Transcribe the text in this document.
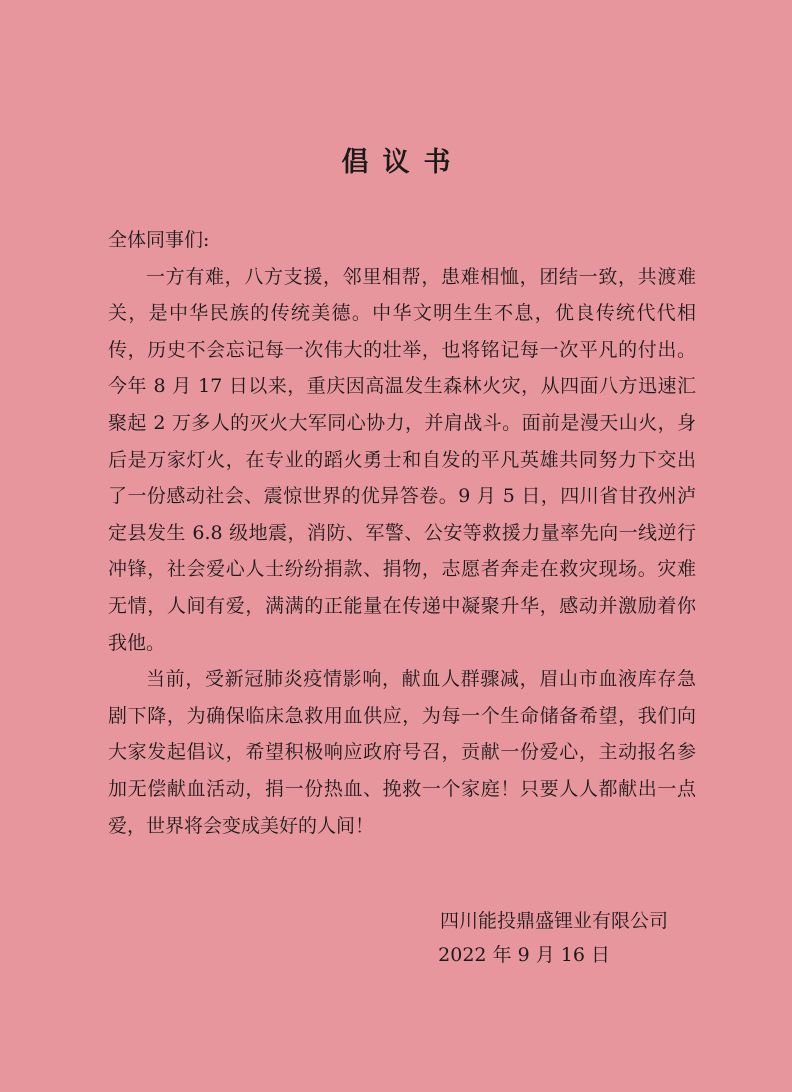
倡议书

全体同事们:

一方有难，八方支援，邻里相帮，患难相恤，团结一致，共渡难关，是中华民族的传统美德。中华文明生生不息，优良传统代代相传，历史不会忘记每一次伟大的壮举，也将铭记每一次平凡的付出。今年 8 月 17 日以来，重庆因高温发生森林火灾，从四面八方迅速汇聚起 2 万多人的灭火大军同心协力，并肩战斗。面前是漫天山火，身后是万家灯火，在专业的蹈火勇士和自发的平凡英雄共同努力下交出了一份感动社会、震惊世界的优异答卷。9 月 5 日，四川省甘孜州泸定县发生 6.8 级地震，消防、军警、公安等救援力量率先向一线逆行冲锋，社会爱心人士纷纷捐款、捐物，志愿者奔走在救灾现场。灾难无情，人间有爱，满满的正能量在传递中凝聚升华，感动并激励着你我他。

当前，受新冠肺炎疫情影响，献血人群骤减，眉山市血液库存急剧下降，为确保临床急救用血供应，为每一个生命储备希望，我们向大家发起倡议，希望积极响应政府号召，贡献一份爱心，主动报名参加无偿献血活动，捐一份热血、挽救一个家庭！只要人人都献出一点爱，世界将会变成美好的人间！

四川能投鼎盛锂业有限公司
2022 年 9 月 16 日
